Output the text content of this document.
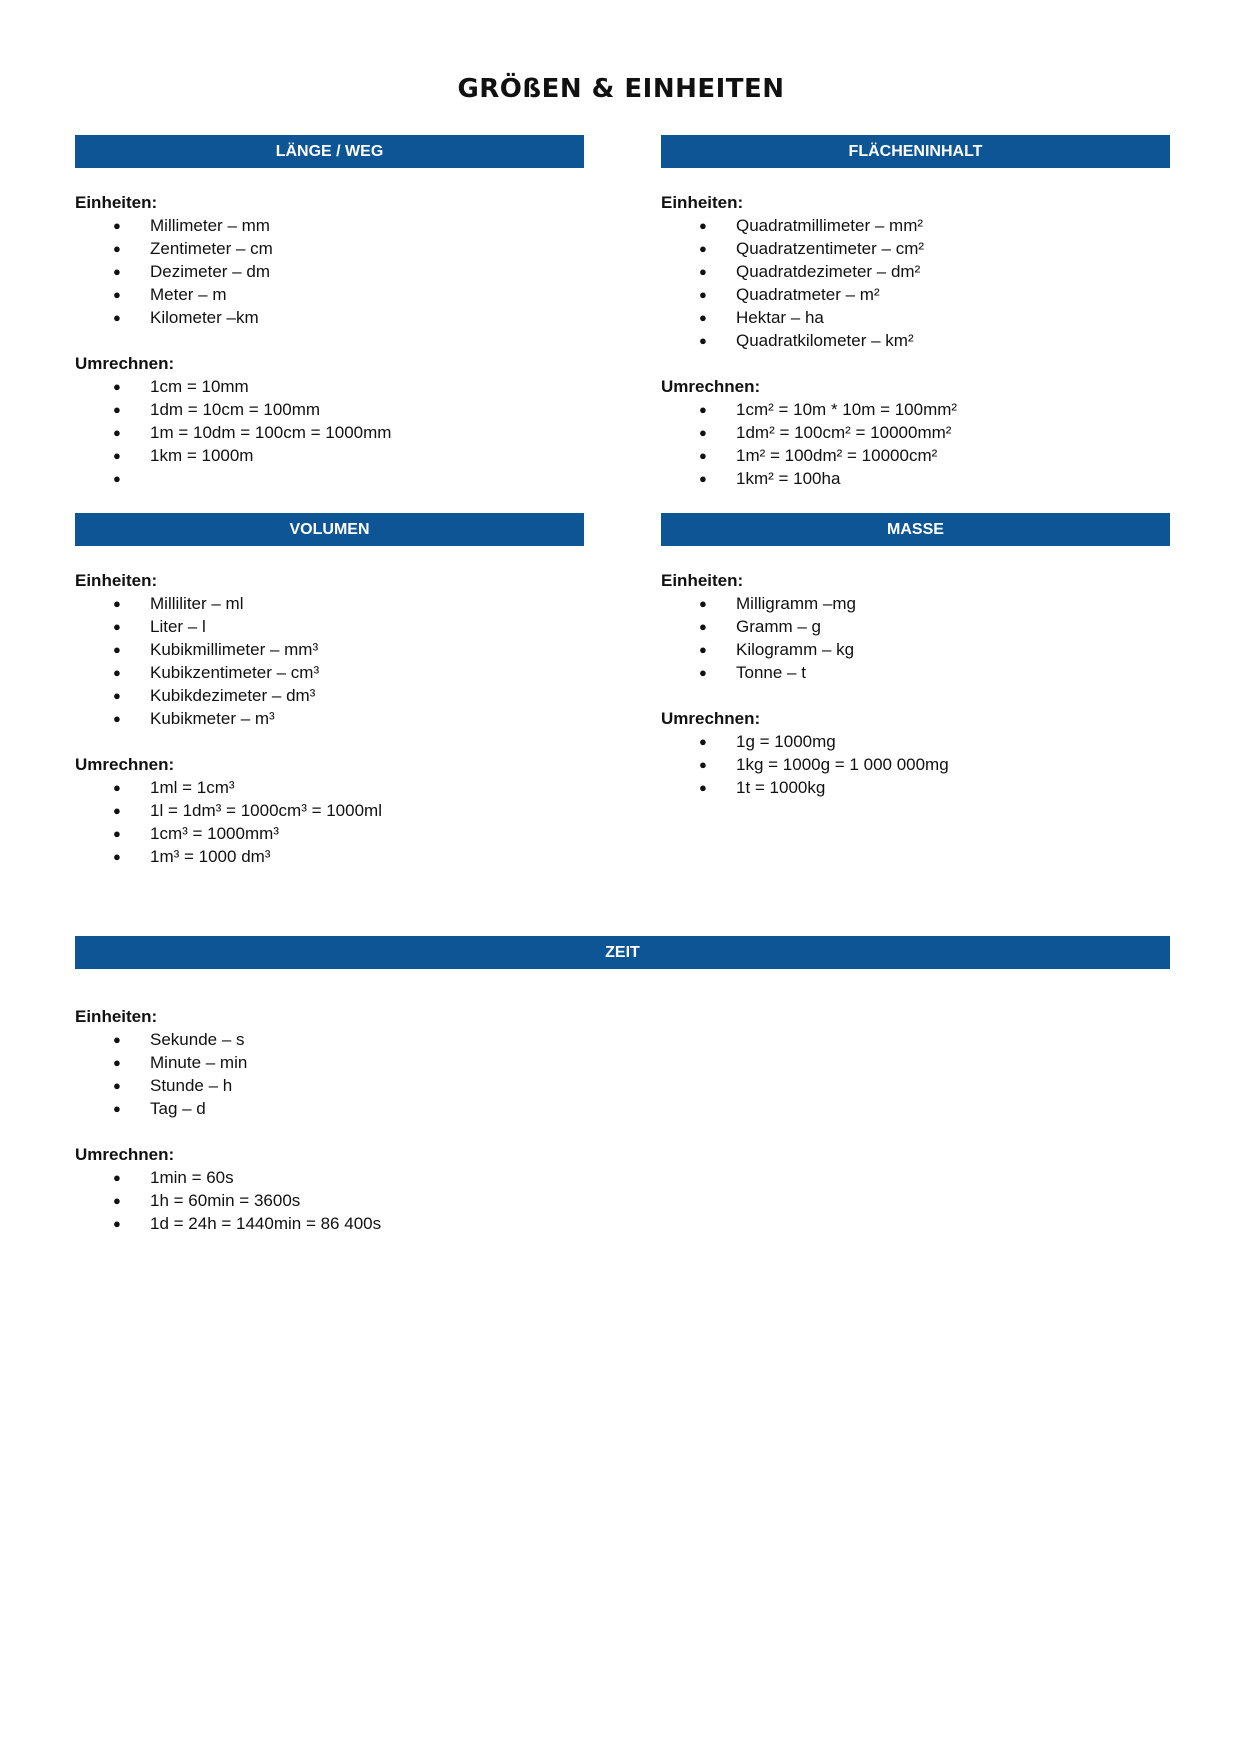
GRÖßEN & EINHEITEN
LÄNGE / WEG
Einheiten:
● Millimeter – mm
● Zentimeter – cm
● Dezimeter – dm
● Meter – m
● Kilometer –km
Umrechnen:
● 1cm = 10mm
● 1dm = 10cm = 100mm
● 1m = 10dm = 100cm = 1000mm
● 1km = 1000m
●
FLÄCHENINHALT
Einheiten:
● Quadratmillimeter – mm²
● Quadratzentimeter – cm²
● Quadratdezimeter – dm²
● Quadratmeter – m²
● Hektar – ha
● Quadratkilometer – km²
Umrechnen:
● 1cm² = 10m * 10m = 100mm²
● 1dm² = 100cm² = 10000mm²
● 1m² = 100dm² = 10000cm²
● 1km² = 100ha
VOLUMEN
Einheiten:
● Milliliter – ml
● Liter – l
● Kubikmillimeter – mm³
● Kubikzentimeter – cm³
● Kubikdezimeter – dm³
● Kubikmeter – m³
Umrechnen:
● 1ml = 1cm³
● 1l = 1dm³ = 1000cm³ = 1000ml
● 1cm³ = 1000mm³
● 1m³ = 1000 dm³
MASSE
Einheiten:
● Milligramm –mg
● Gramm – g
● Kilogramm – kg
● Tonne – t
Umrechnen:
● 1g = 1000mg
● 1kg = 1000g = 1 000 000mg
● 1t = 1000kg
ZEIT
Einheiten:
● Sekunde – s
● Minute – min
● Stunde – h
● Tag – d
Umrechnen:
● 1min = 60s
● 1h = 60min = 3600s
● 1d = 24h = 1440min = 86 400s
